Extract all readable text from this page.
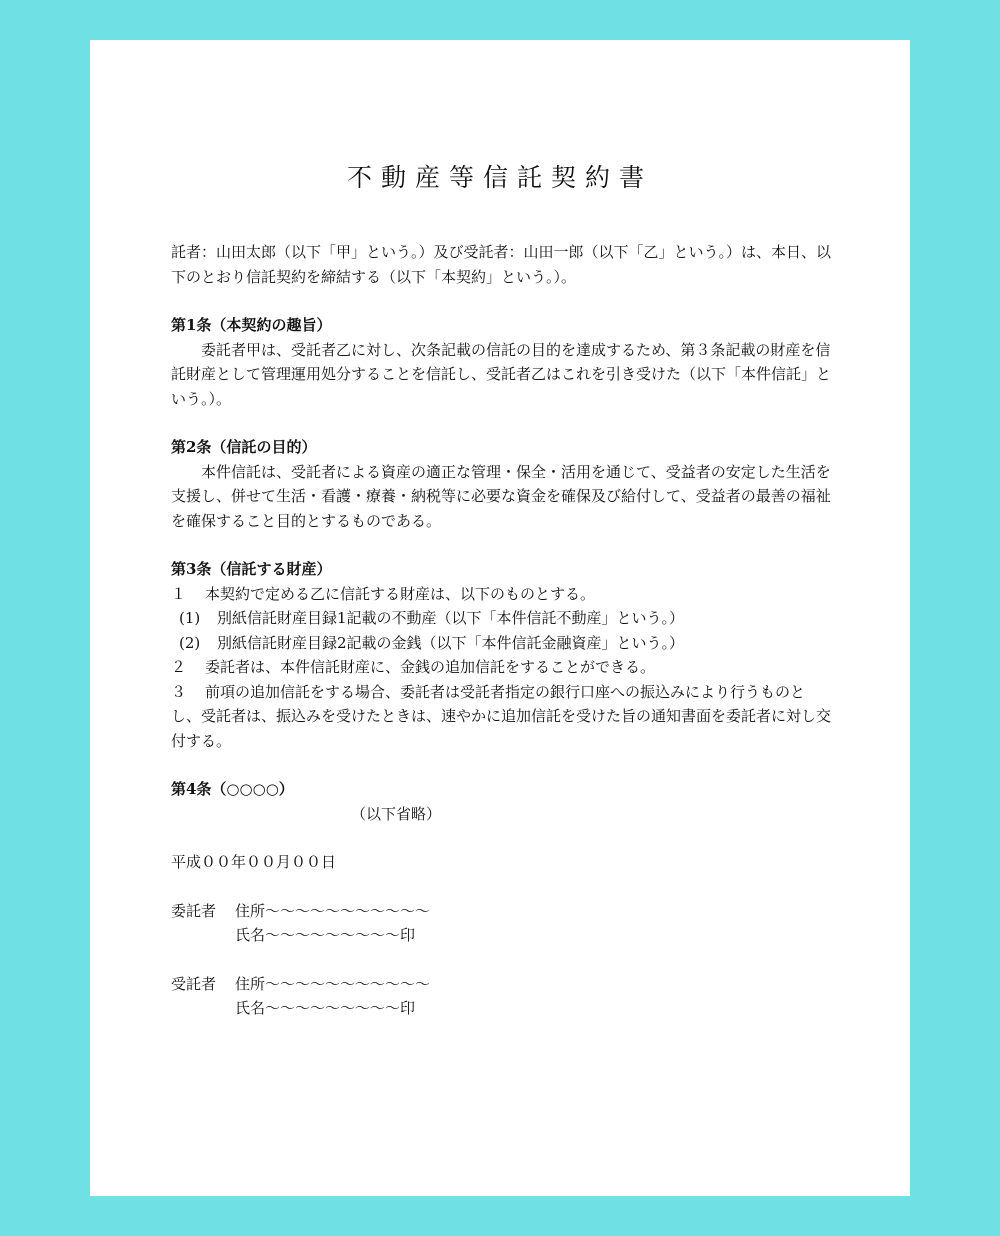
不動産等信託契約書

託者：山田太郎（以下「甲」という。）及び受託者：山田一郎（以下「乙」という。）は、本日、以下のとおり信託契約を締結する（以下「本契約」という。）。

第1条（本契約の趣旨）

委託者甲は、受託者乙に対し、次条記載の信託の目的を達成するため、第３条記載の財産を信託財産として管理運用処分することを信託し、受託者乙はこれを引き受けた（以下「本件信託」という。）。

第2条（信託の目的）

本件信託は、受託者による資産の適正な管理・保全・活用を通じて、受益者の安定した生活を支援し、併せて生活・看護・療養・納税等に必要な資金を確保及び給付して、受益者の最善の福祉を確保すること目的とするものである。

第3条（信託する財産）

１ 本契約で定める乙に信託する財産は、以下のものとする。

(1) 別紙信託財産目録1記載の不動産（以下「本件信託不動産」という。）

(2) 別紙信託財産目録2記載の金銭（以下「本件信託金融資産」という。）

２ 委託者は、本件信託財産に、金銭の追加信託をすることができる。

３ 前項の追加信託をする場合、委託者は受託者指定の銀行口座への振込みにより行うものとし、受託者は、振込みを受けたときは、速やかに追加信託を受けた旨の通知書面を委託者に対し交付する。

第4条（○○○○）

（以下省略）

平成００年００月００日

委託者	住所～～～～～～～～～～～
氏名～～～～～～～～～印
受託者	住所～～～～～～～～～～～
氏名～～～～～～～～～印
